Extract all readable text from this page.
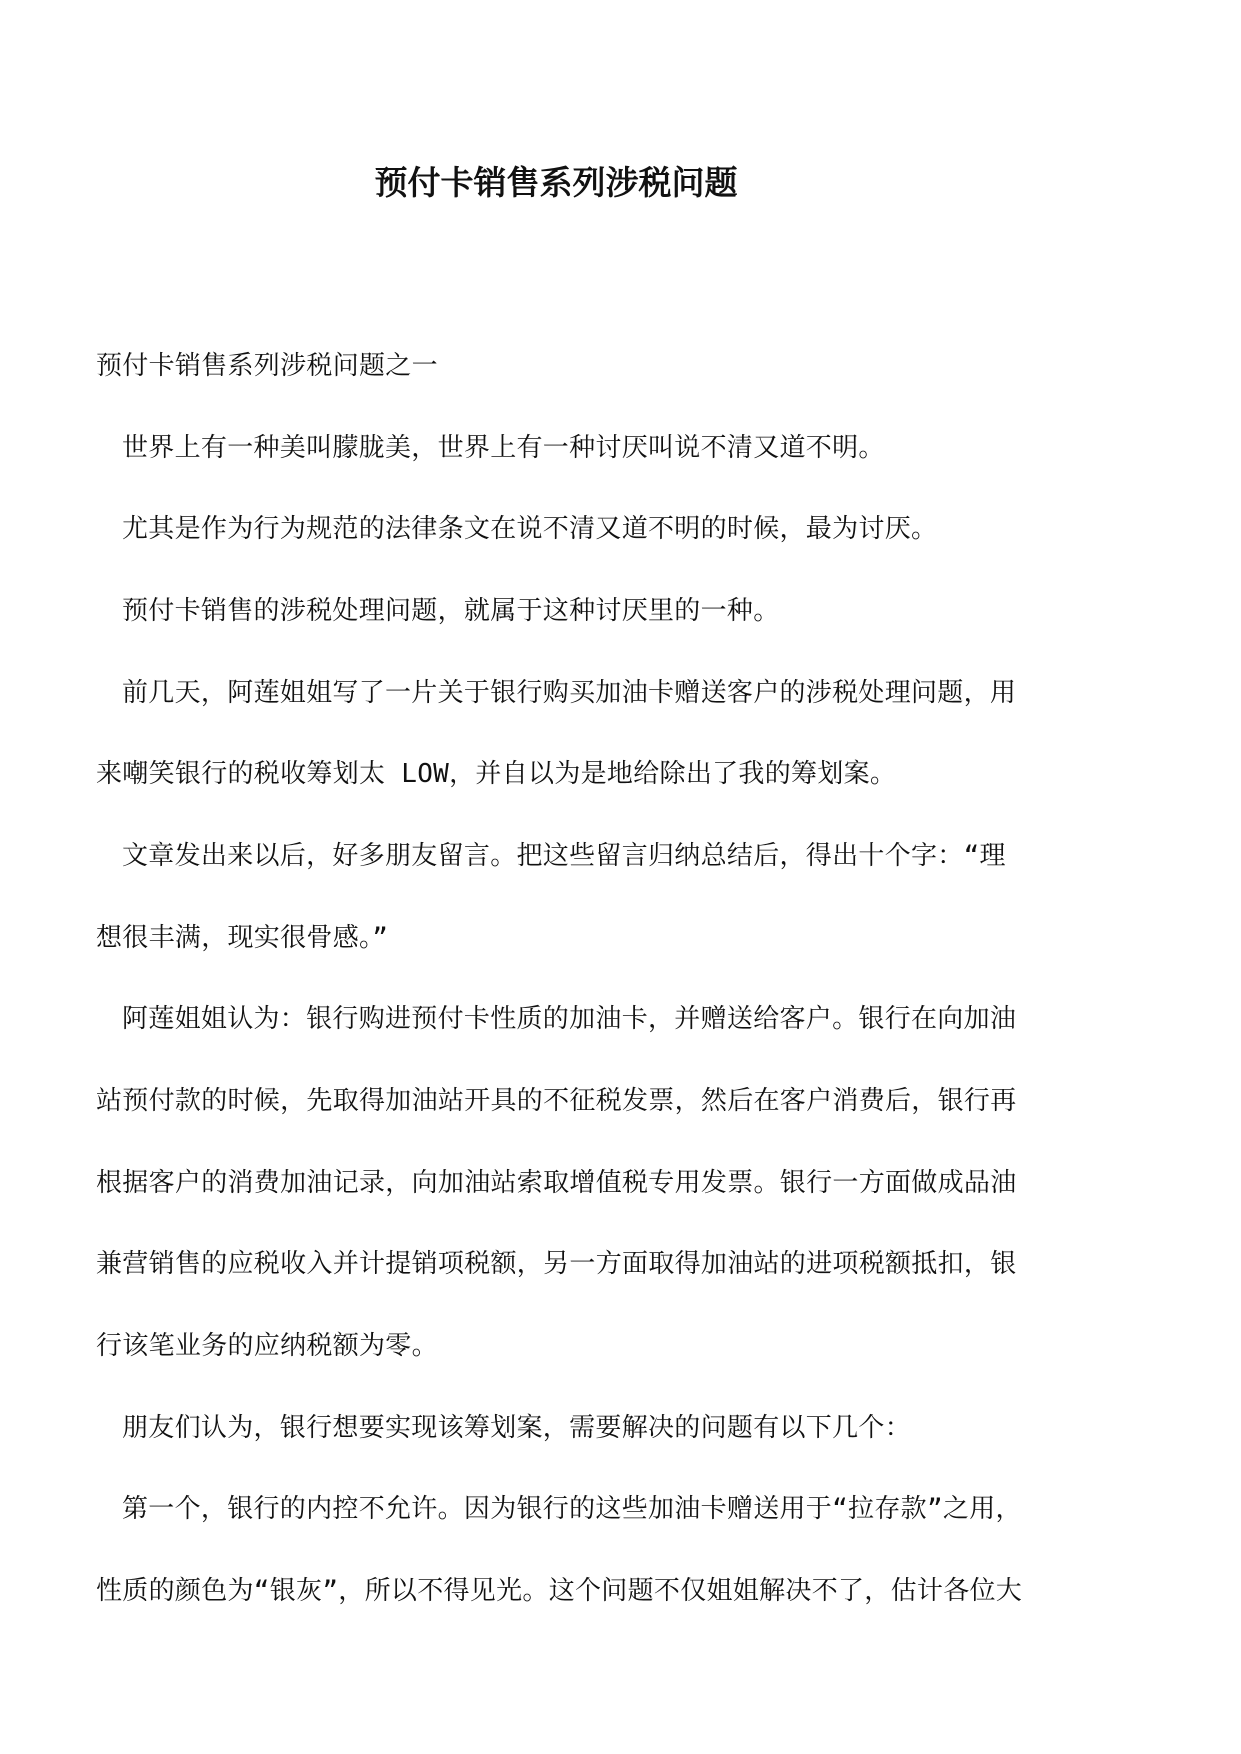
预付卡销售系列涉税问题
预付卡销售系列涉税问题之一
世界上有一种美叫朦胧美，世界上有一种讨厌叫说不清又道不明。
尤其是作为行为规范的法律条文在说不清又道不明的时候，最为讨厌。
预付卡销售的涉税处理问题，就属于这种讨厌里的一种。
前几天，阿莲姐姐写了一片关于银行购买加油卡赠送客户的涉税处理问题，用
来嘲笑银行的税收筹划太 LOW，并自以为是地给除出了我的筹划案。
文章发出来以后，好多朋友留言。把这些留言归纳总结后，得出十个字：“理
想很丰满，现实很骨感。”
阿莲姐姐认为：银行购进预付卡性质的加油卡，并赠送给客户。银行在向加油
站预付款的时候，先取得加油站开具的不征税发票，然后在客户消费后，银行再
根据客户的消费加油记录，向加油站索取增值税专用发票。银行一方面做成品油
兼营销售的应税收入并计提销项税额，另一方面取得加油站的进项税额抵扣，银
行该笔业务的应纳税额为零。
朋友们认为，银行想要实现该筹划案，需要解决的问题有以下几个：
第一个，银行的内控不允许。因为银行的这些加油卡赠送用于“拉存款”之用，
性质的颜色为“银灰”，所以不得见光。这个问题不仅姐姐解决不了，估计各位大
